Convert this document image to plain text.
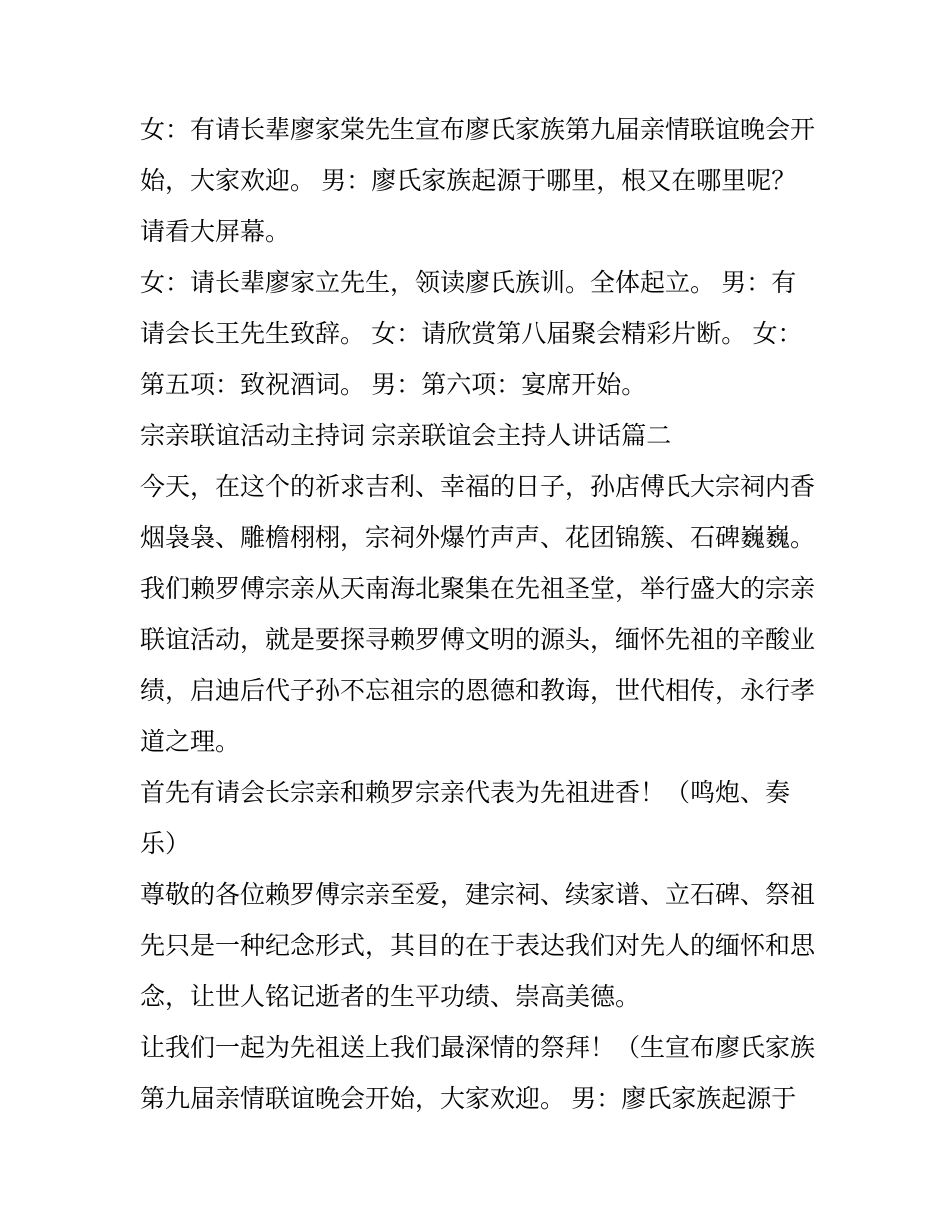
女：有请长辈廖家棠先生宣布廖氏家族第九届亲情联谊晚会开
始，大家欢迎。 男：廖氏家族起源于哪里，根又在哪里呢？
请看大屏幕。
女：请长辈廖家立先生，领读廖氏族训。全体起立。 男：有
请会长王先生致辞。 女：请欣赏第八届聚会精彩片断。 女：
第五项：致祝酒词。 男：第六项：宴席开始。
宗亲联谊活动主持词 宗亲联谊会主持人讲话篇二
今天，在这个的祈求吉利、幸福的日子，孙店傅氏大宗祠内香
烟袅袅、雕檐栩栩，宗祠外爆竹声声、花团锦簇、石碑巍巍。
我们赖罗傅宗亲从天南海北聚集在先祖圣堂，举行盛大的宗亲
联谊活动，就是要探寻赖罗傅文明的源头，缅怀先祖的辛酸业
绩，启迪后代子孙不忘祖宗的恩德和教诲，世代相传，永行孝
道之理。
首先有请会长宗亲和赖罗宗亲代表为先祖进香！（鸣炮、奏
乐）
尊敬的各位赖罗傅宗亲至爱，建宗祠、续家谱、立石碑、祭祖
先只是一种纪念形式，其目的在于表达我们对先人的缅怀和思
念，让世人铭记逝者的生平功绩、崇高美德。
让我们一起为先祖送上我们最深情的祭拜！（生宣布廖氏家族
第九届亲情联谊晚会开始，大家欢迎。 男：廖氏家族起源于
